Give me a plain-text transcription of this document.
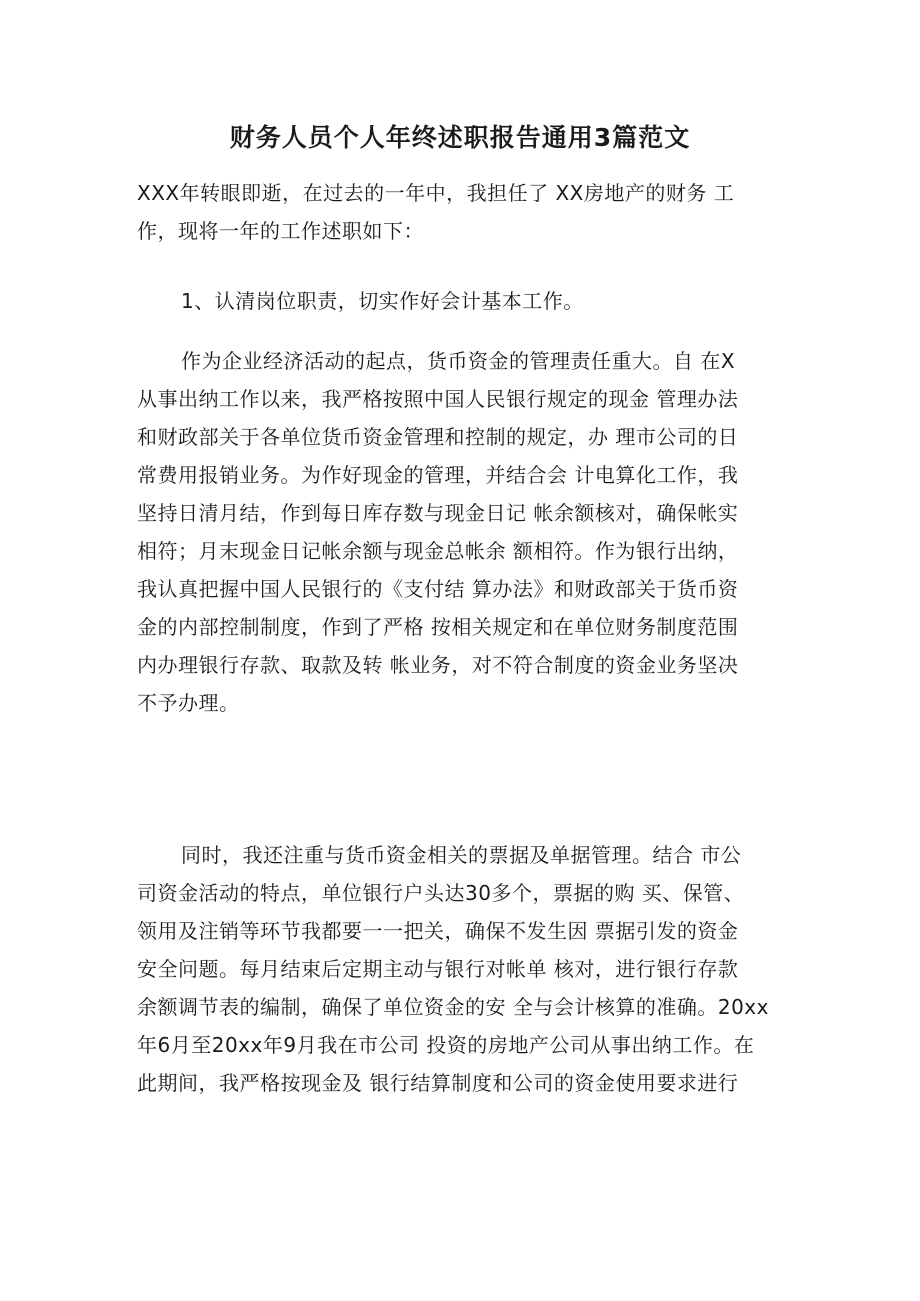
财务人员个人年终述职报告通用3篇范文
XXX年转眼即逝，在过去的一年中，我担任了 XX房地产的财务 工
作，现将一年的工作述职如下：
1、认清岗位职责，切实作好会计基本工作。
作为企业经济活动的起点，货币资金的管理责任重大。自 在X
从事出纳工作以来，我严格按照中国人民银行规定的现金 管理办法
和财政部关于各单位货币资金管理和控制的规定，办 理市公司的日
常费用报销业务。为作好现金的管理，并结合会 计电算化工作，我
坚持日清月结，作到每日库存数与现金日记 帐余额核对，确保帐实
相符；月末现金日记帐余额与现金总帐余 额相符。作为银行出纳，
我认真把握中国人民银行的《支付结 算办法》和财政部关于货币资
金的内部控制制度，作到了严格 按相关规定和在单位财务制度范围
内办理银行存款、取款及转 帐业务，对不符合制度的资金业务坚决
不予办理。
同时，我还注重与货币资金相关的票据及单据管理。结合 市公
司资金活动的特点，单位银行户头达30多个，票据的购 买、保管、
领用及注销等环节我都要一一把关，确保不发生因 票据引发的资金
安全问题。每月结束后定期主动与银行对帐单 核对，进行银行存款
余额调节表的编制，确保了单位资金的安 全与会计核算的准确。20xx
年6月至20xx年9月我在市公司 投资的房地产公司从事出纳工作。在
此期间，我严格按现金及 银行结算制度和公司的资金使用要求进行
